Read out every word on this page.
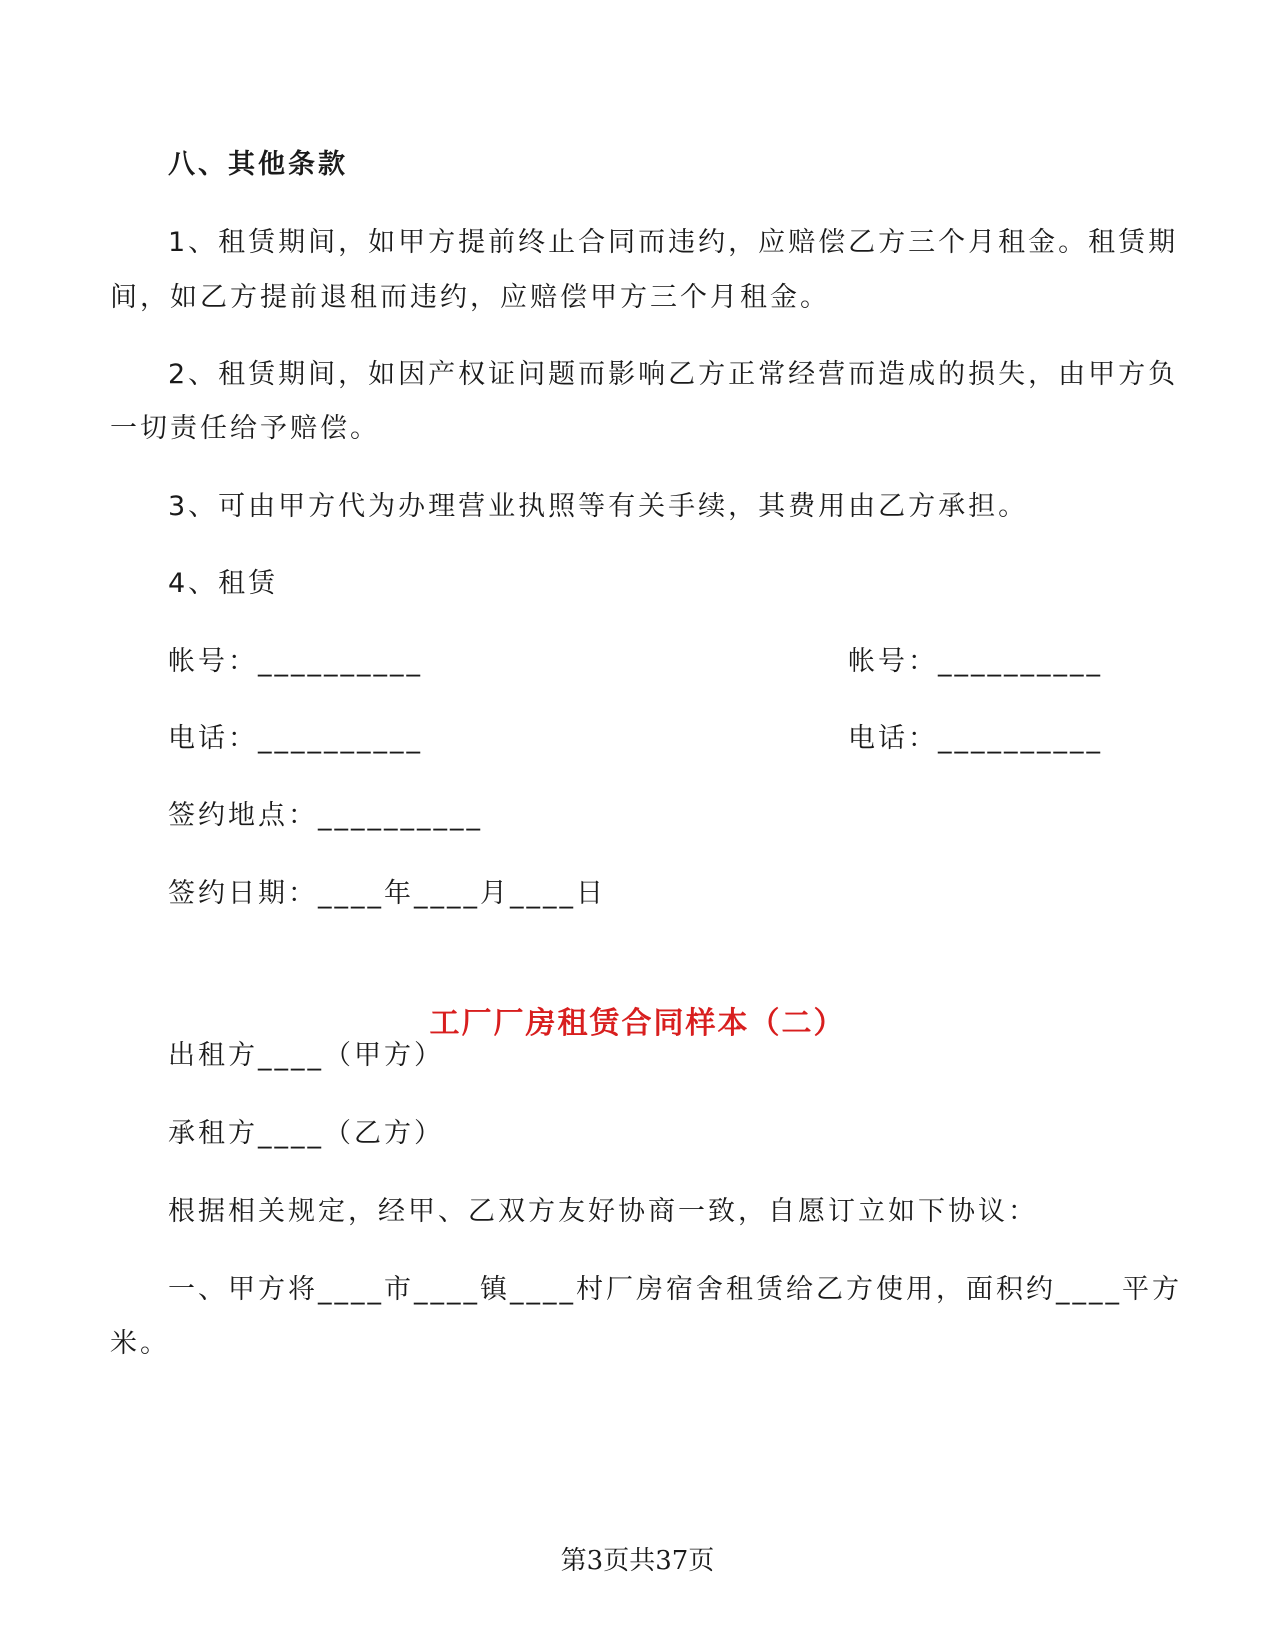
八、其他条款
1、租赁期间，如甲方提前终止合同而违约，应赔偿乙方三个月租金。租赁期
间，如乙方提前退租而违约，应赔偿甲方三个月租金。
2、租赁期间，如因产权证问题而影响乙方正常经营而造成的损失，由甲方负
一切责任给予赔偿。
3、可由甲方代为办理营业执照等有关手续，其费用由乙方承担。
4、租赁
帐号：__________	帐号：__________
电话：__________	电话：__________
签约地点：__________
签约日期：____年____月____日
工厂厂房租赁合同样本（二）
出租方____（甲方）
承租方____（乙方）
根据相关规定，经甲、乙双方友好协商一致，自愿订立如下协议：
一、甲方将____市____镇____村厂房宿舍租赁给乙方使用，面积约____平方
米。
第3页共37页
